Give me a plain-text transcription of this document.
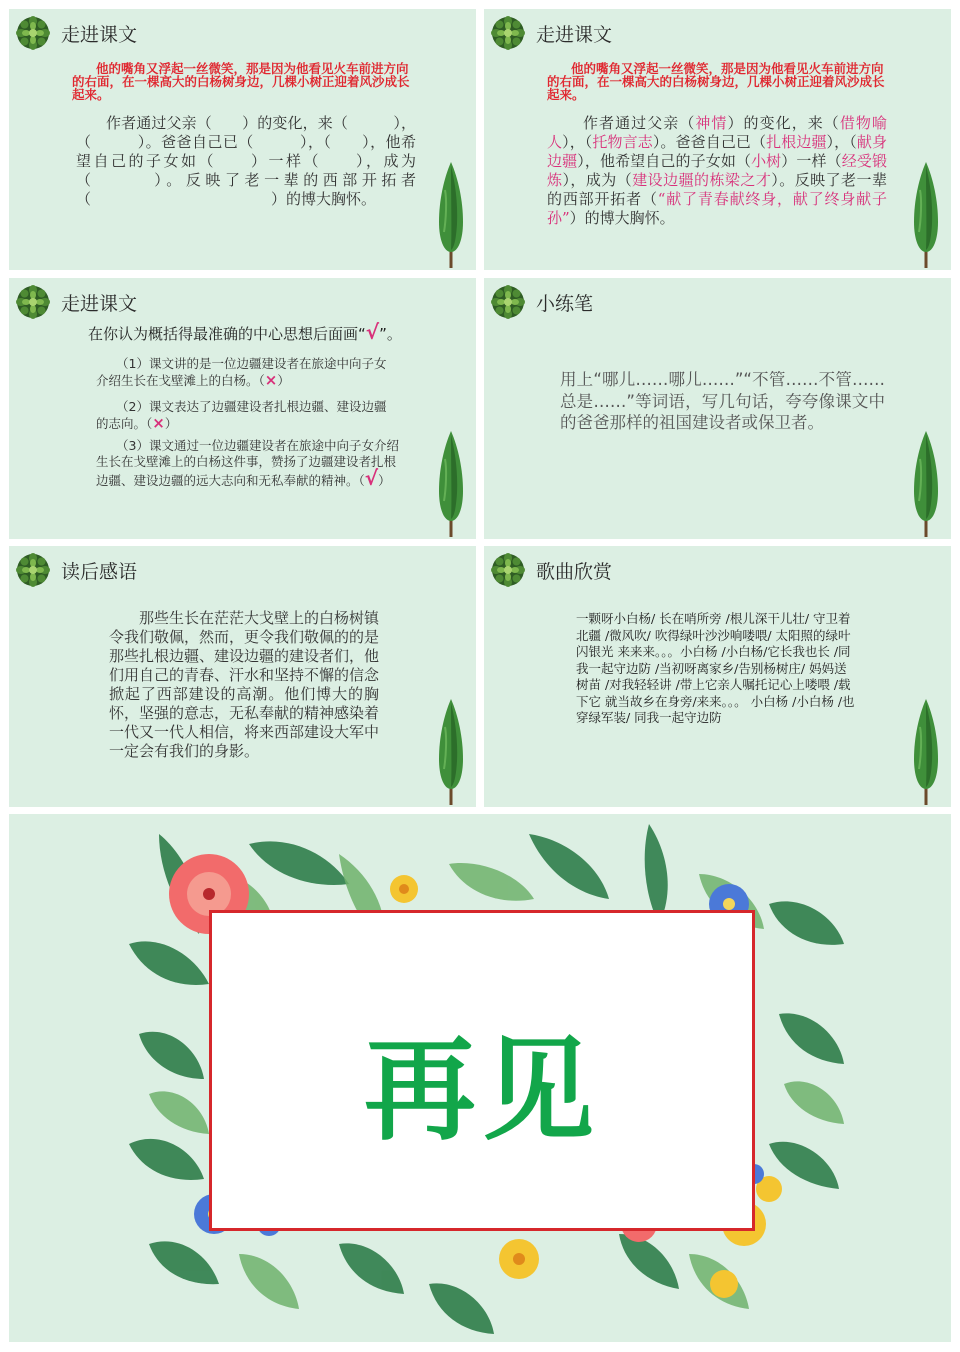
走进课文
他的嘴角又浮起一丝微笑，那是因为他看见火车前进方向的右面，在一棵高大的白杨树身边，几棵小树正迎着风沙成长起来。
作者通过父亲（　　）的变化，来（　　　），（　　　）。爸爸自己已（　　　），（　　），他希望自己的子女如（　　）一样（　　），成为（　　　）。反映了老一辈的西部开拓者（　　　　　　　　　　　　）的博大胸怀。
走进课文
他的嘴角又浮起一丝微笑，那是因为他看见火车前进方向的右面，在一棵高大的白杨树身边，几棵小树正迎着风沙成长起来。
作者通过父亲（神情）的变化，来（借物喻人），（托物言志）。爸爸自己已（扎根边疆），（献身边疆），他希望自己的子女如（小树）一样（经受锻炼），成为（建设边疆的栋梁之才）。反映了老一辈的西部开拓者（“献了青春献终身，献了终身献子孙”）的博大胸怀。
走进课文
在你认为概括得最准确的中心思想后面画“√”。
（1）课文讲的是一位边疆建设者在旅途中向子女介绍生长在戈壁滩上的白杨。（×）
（2）课文表达了边疆建设者扎根边疆、建设边疆的志向。（×）
（3）课文通过一位边疆建设者在旅途中向子女介绍生长在戈壁滩上的白杨这件事，赞扬了边疆建设者扎根边疆、建设边疆的远大志向和无私奉献的精神。（√）
小练笔
用上“哪儿……哪儿……”“不管……不管……总是……”等词语，写几句话，夸夸像课文中的爸爸那样的祖国建设者或保卫者。
读后感语
那些生长在茫茫大戈壁上的白杨树镇令我们敬佩，然而，更令我们敬佩的的是那些扎根边疆、建设边疆的建设者们，他们用自己的青春、汗水和坚持不懈的信念掀起了西部建设的高潮。他们博大的胸怀，坚强的意志，无私奉献的精神感染着一代又一代人相信，将来西部建设大军中一定会有我们的身影。
歌曲欣赏
一颗呀小白杨/ 长在哨所旁 /根儿深干儿壮/ 守卫着北疆 /微风吹/ 吹得绿叶沙沙响喽喂/ 太阳照的绿叶闪银光 来来来。。。小白杨 /小白杨/它长我也长 /同我一起守边防 /当初呀离家乡/告别杨树庄/ 妈妈送树苗 /对我轻轻讲 /带上它亲人嘱托记心上喽喂 /载下它 就当故乡在身旁/来来。。。 小白杨 /小白杨 /也穿绿军装/ 同我一起守边防
再见
